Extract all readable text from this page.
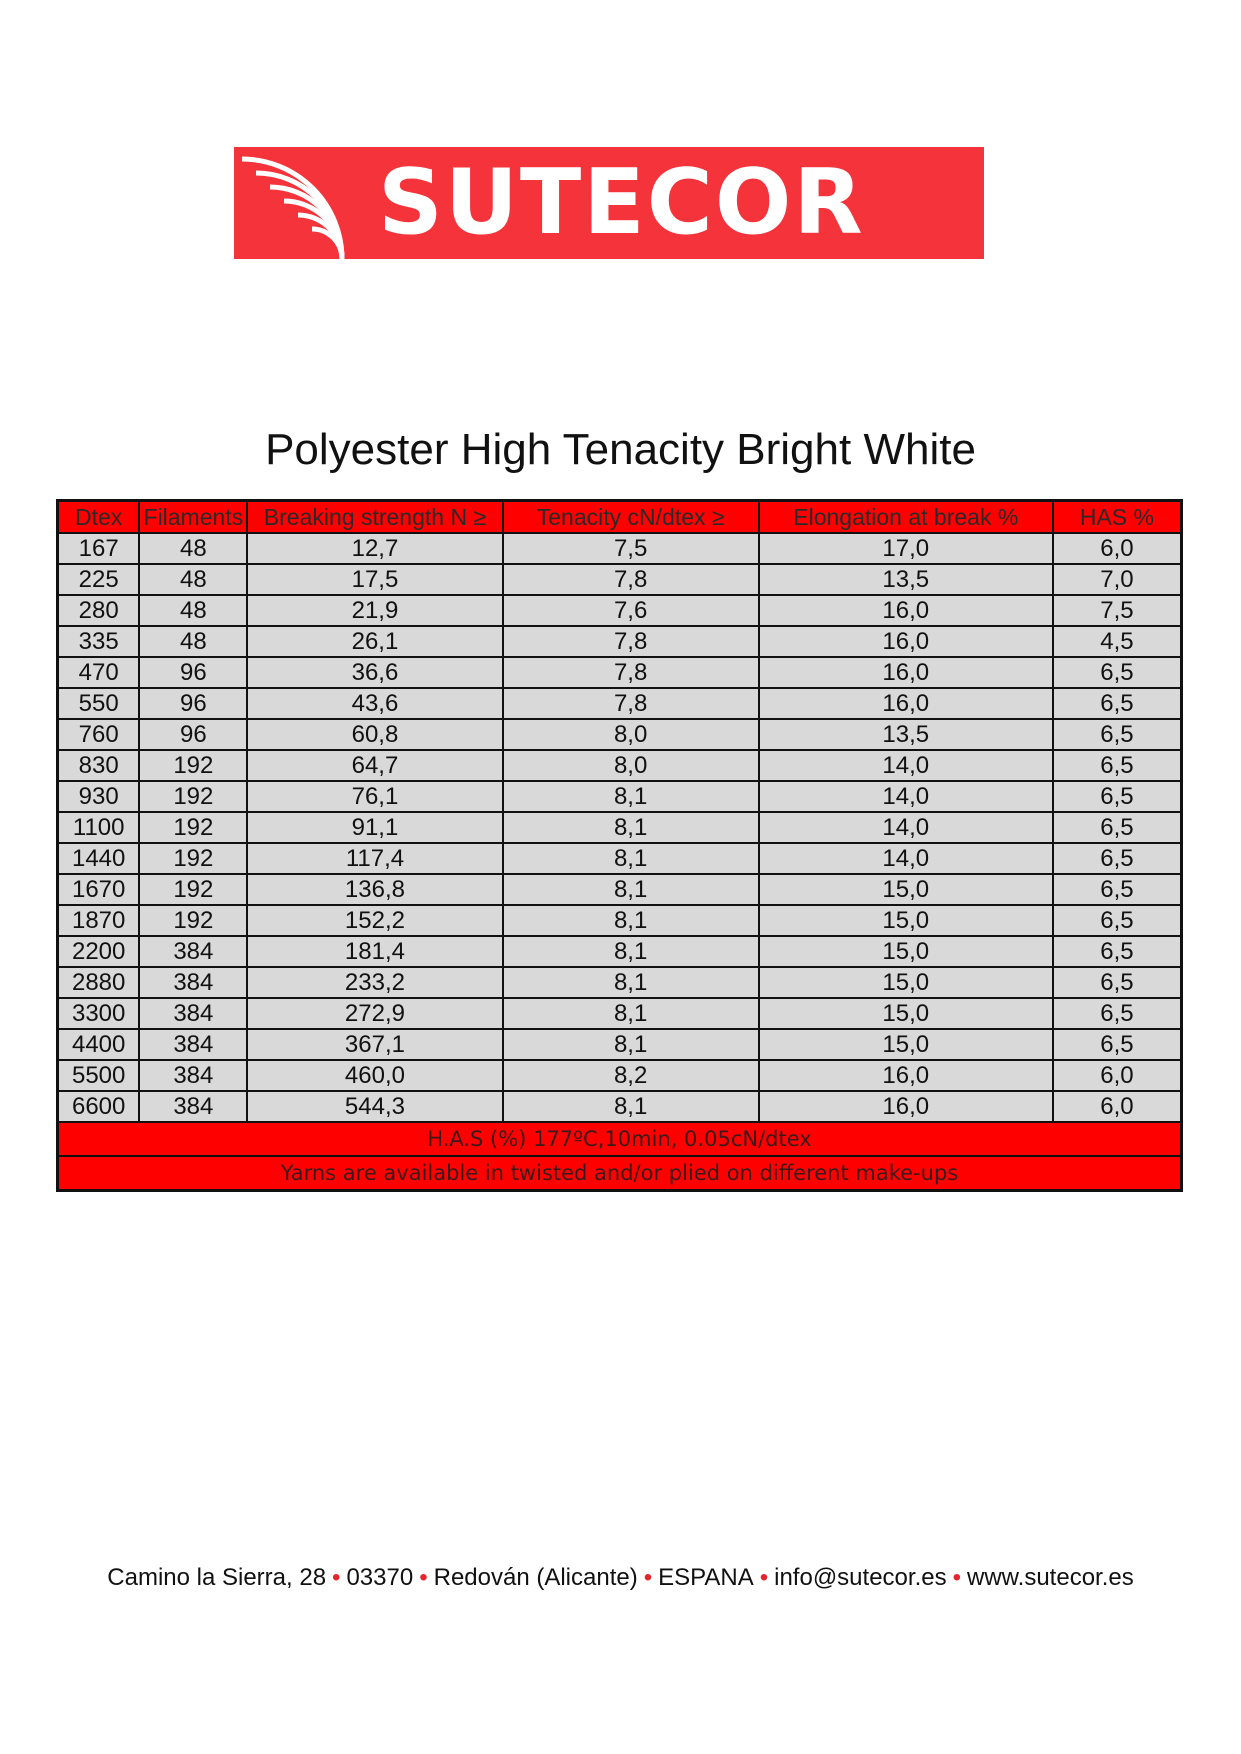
SUTECOR
Polyester High Tenacity Bright White
Dtex	Filaments	Breaking strength N ≥	Tenacity cN/dtex ≥	Elongation at break %	HAS %
167	48	12,7	7,5	17,0	6,0
225	48	17,5	7,8	13,5	7,0
280	48	21,9	7,6	16,0	7,5
335	48	26,1	7,8	16,0	4,5
470	96	36,6	7,8	16,0	6,5
550	96	43,6	7,8	16,0	6,5
760	96	60,8	8,0	13,5	6,5
830	192	64,7	8,0	14,0	6,5
930	192	76,1	8,1	14,0	6,5
1100	192	91,1	8,1	14,0	6,5
1440	192	117,4	8,1	14,0	6,5
1670	192	136,8	8,1	15,0	6,5
1870	192	152,2	8,1	15,0	6,5
2200	384	181,4	8,1	15,0	6,5
2880	384	233,2	8,1	15,0	6,5
3300	384	272,9	8,1	15,0	6,5
4400	384	367,1	8,1	15,0	6,5
5500	384	460,0	8,2	16,0	6,0
6600	384	544,3	8,1	16,0	6,0
H.A.S (%) 177ºC,10min, 0.05cN/dtex					
Yarns are available in twisted and/or plied on different make-ups					
Camino la Sierra, 28 • 03370 • Redován (Alicante) • ESPANA • info@sutecor.es • www.sutecor.es
